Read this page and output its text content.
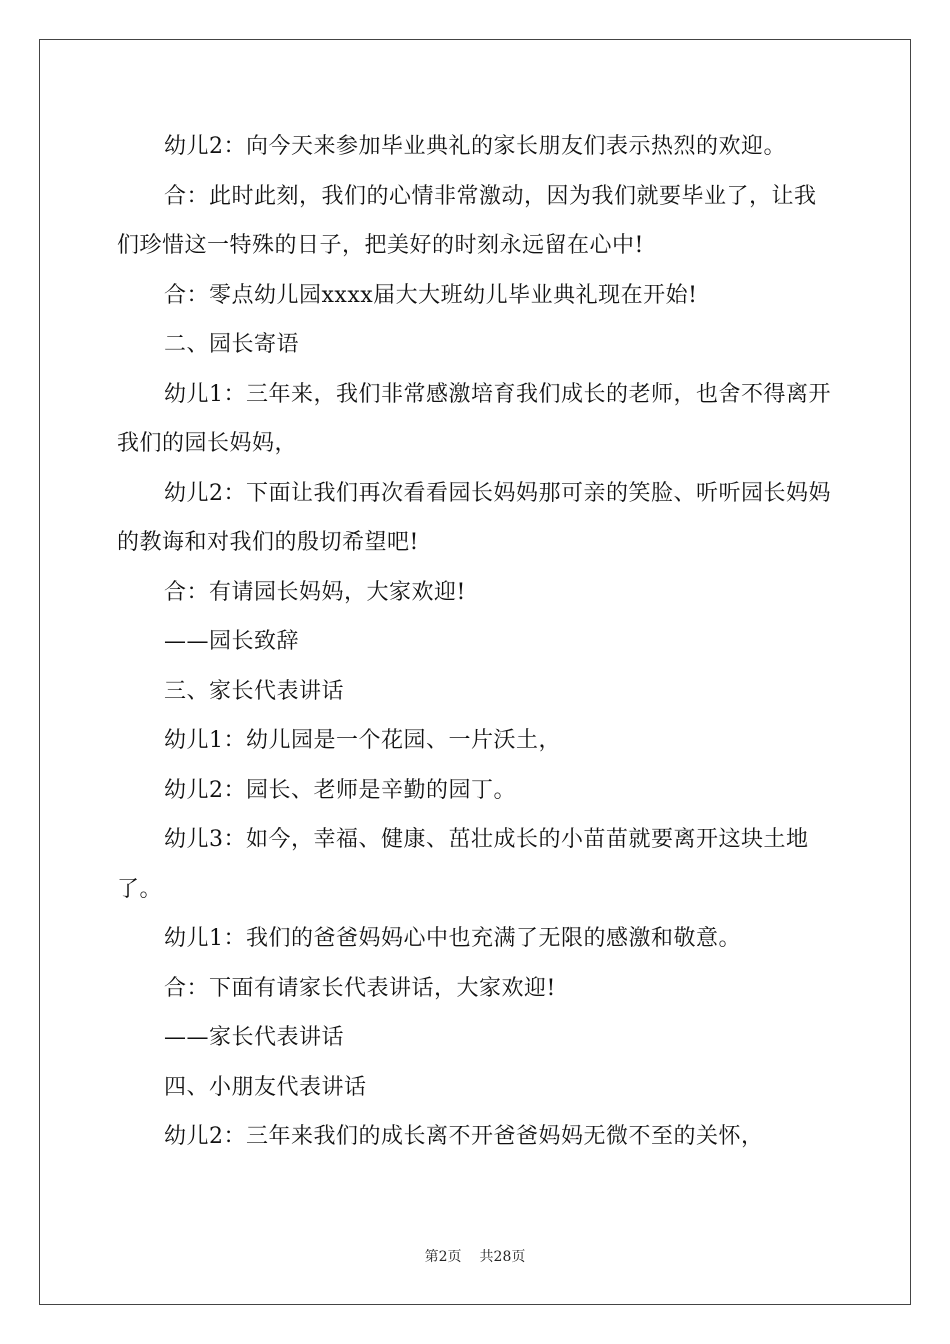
幼儿2：向今天来参加毕业典礼的家长朋友们表示热烈的欢迎。

合：此时此刻，我们的心情非常激动，因为我们就要毕业了，让我们珍惜这一特殊的日子，把美好的时刻永远留在心中!

合：零点幼儿园xxxx届大大班幼儿毕业典礼现在开始!

二、园长寄语

幼儿1：三年来，我们非常感激培育我们成长的老师，也舍不得离开我们的园长妈妈，

幼儿2：下面让我们再次看看园长妈妈那可亲的笑脸、听听园长妈妈的教诲和对我们的殷切希望吧!

合：有请园长妈妈，大家欢迎!

——园长致辞

三、家长代表讲话

幼儿1：幼儿园是一个花园、一片沃土，

幼儿2：园长、老师是辛勤的园丁。

幼儿3：如今，幸福、健康、茁壮成长的小苗苗就要离开这块土地了。

幼儿1：我们的爸爸妈妈心中也充满了无限的感激和敬意。

合：下面有请家长代表讲话，大家欢迎!

——家长代表讲话

四、小朋友代表讲话

幼儿2：三年来我们的成长离不开爸爸妈妈无微不至的关怀，

第2页 共28页
